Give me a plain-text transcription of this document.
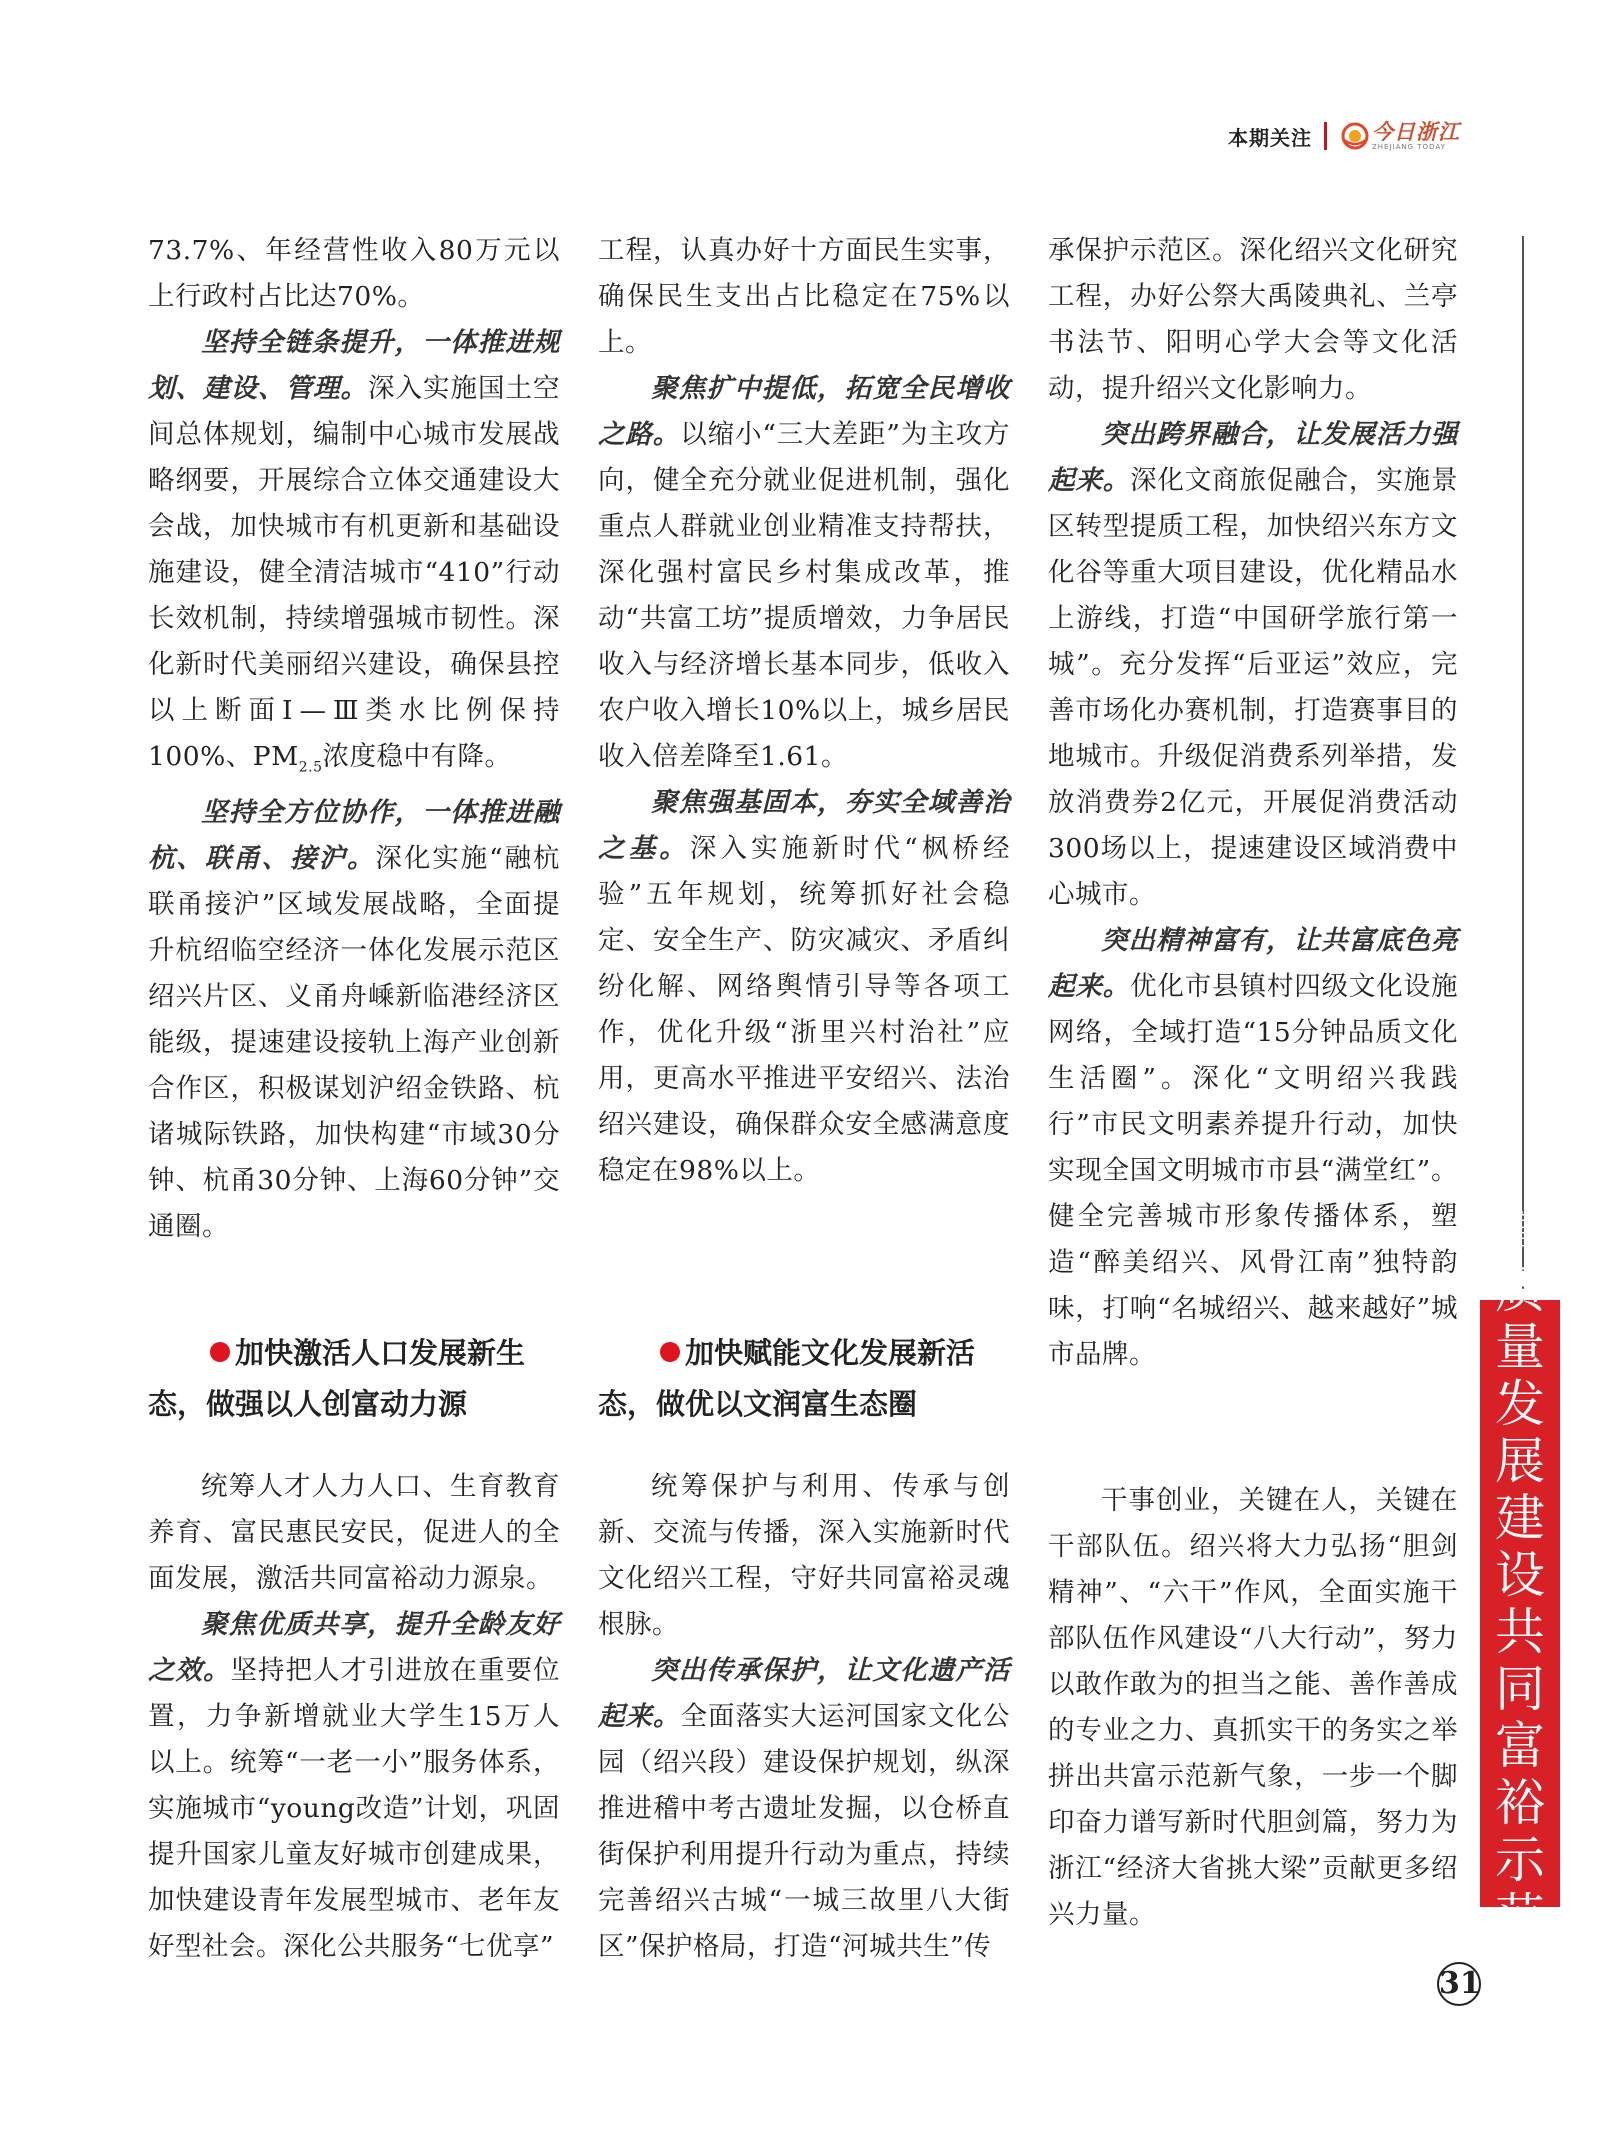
本期关注	今日浙江
ZHEJIANG TODAY

73.7%、年经营性收入80万元以上行政村占比达70%。

坚持全链条提升，一体推进规划、建设、管理。深入实施国土空间总体规划，编制中心城市发展战略纲要，开展综合立体交通建设大会战，加快城市有机更新和基础设施建设，健全清洁城市“410”行动长效机制，持续增强城市韧性。深化新时代美丽绍兴建设，确保县控以上断面Ⅰ—Ⅲ类水比例保持100%、$PM_{2.5}$浓度稳中有降。

坚持全方位协作，一体推进融杭、联甬、接沪。深化实施“融杭联甬接沪”区域发展战略，全面提升杭绍临空经济一体化发展示范区绍兴片区、义甬舟嵊新临港经济区能级，提速建设接轨上海产业创新合作区，积极谋划沪绍金铁路、杭诸城际铁路，加快构建“市域30分钟、杭甬30分钟、上海60分钟”交通圈。

加快激活人口发展新生态，做强以人创富动力源

统筹人才人力人口、生育教育养育、富民惠民安民，促进人的全面发展，激活共同富裕动力源泉。

聚焦优质共享，提升全龄友好之效。坚持把人才引进放在重要位置，力争新增就业大学生15万人以上。统筹“一老一小”服务体系，实施城市“young改造”计划，巩固提升国家儿童友好城市创建成果，加快建设青年发展型城市、老年友好型社会。深化公共服务“七优享”

工程，认真办好十方面民生实事，确保民生支出占比稳定在75%以上。

聚焦扩中提低，拓宽全民增收之路。以缩小“三大差距”为主攻方向，健全充分就业促进机制，强化重点人群就业创业精准支持帮扶，深化强村富民乡村集成改革，推动“共富工坊”提质增效，力争居民收入与经济增长基本同步，低收入农户收入增长10%以上，城乡居民收入倍差降至1.61。

聚焦强基固本，夯实全域善治之基。深入实施新时代“枫桥经验”五年规划，统筹抓好社会稳定、安全生产、防灾减灾、矛盾纠纷化解、网络舆情引导等各项工作，优化升级“浙里兴村治社”应用，更高水平推进平安绍兴、法治绍兴建设，确保群众安全感满意度稳定在98%以上。

加快赋能文化发展新活态，做优以文润富生态圈

统筹保护与利用、传承与创新、交流与传播，深入实施新时代文化绍兴工程，守好共同富裕灵魂根脉。

突出传承保护，让文化遗产活起来。全面落实大运河国家文化公园（绍兴段）建设保护规划，纵深推进稽中考古遗址发掘，以仓桥直街保护利用提升行动为重点，持续完善绍兴古城“一城三故里八大街区”保护格局，打造“河城共生”传

承保护示范区。深化绍兴文化研究工程，办好公祭大禹陵典礼、兰亭书法节、阳明心学大会等文化活动，提升绍兴文化影响力。

突出跨界融合，让发展活力强起来。深化文商旅促融合，实施景区转型提质工程，加快绍兴东方文化谷等重大项目建设，优化精品水上游线，打造“中国研学旅行第一城”。充分发挥“后亚运”效应，完善市场化办赛机制，打造赛事目的地城市。升级促消费系列举措，发放消费券2亿元，开展促消费活动300场以上，提速建设区域消费中心城市。

突出精神富有，让共富底色亮起来。优化市县镇村四级文化设施网络，全域打造“15分钟品质文化生活圈”。深化“文明绍兴我践行”市民文明素养提升行动，加快实现全国文明城市市县“满堂红”。健全完善城市形象传播体系，塑造“醉美绍兴、风骨江南”独特韵味，打响“名城绍兴、越来越好”城市品牌。

干事创业，关键在人，关键在干部队伍。绍兴将大力弘扬“胆剑精神”、“六干”作风，全面实施干部队伍作风建设“八大行动”，努力以敢作敢为的担当之能、善作善成的专业之力、真抓实干的务实之举拼出共富示范新气象，一步一个脚印奋力谱写新时代胆剑篇，努力为浙江“经济大省挑大梁”贡献更多绍兴力量。

高
质
量
发
展
建
设
共
同
富
裕
示
范
区
31
